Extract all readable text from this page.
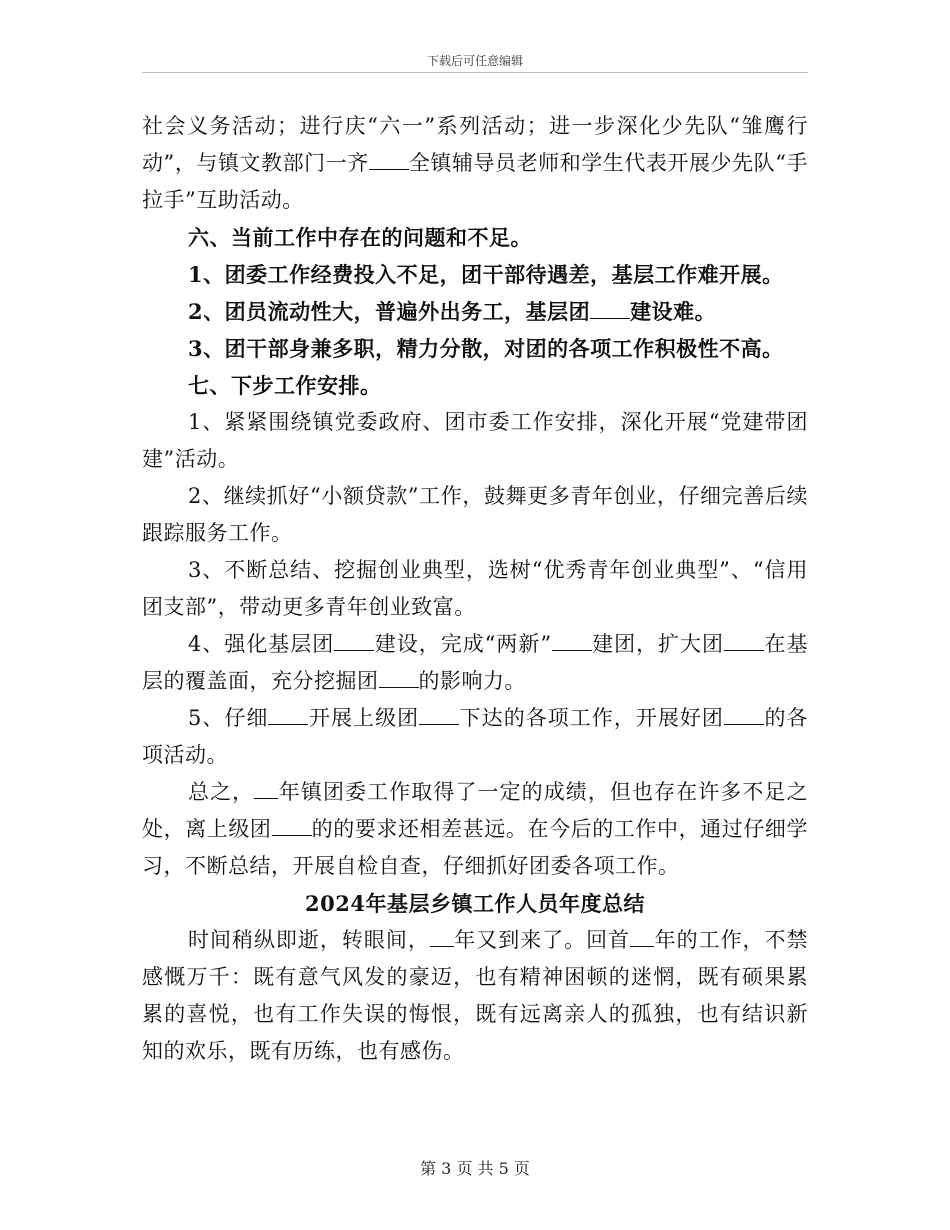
下载后可任意编辑

社会义务活动；进行庆“六一”系列活动；进一步深化少先队“雏鹰行动”，与镇文教部门一齐 全镇辅导员老师和学生代表开展少先队“手拉手”互助活动。

六、当前工作中存在的问题和不足。

1、团委工作经费投入不足，团干部待遇差，基层工作难开展。

2、团员流动性大，普遍外出务工，基层团 建设难。

3、团干部身兼多职，精力分散，对团的各项工作积极性不高。

七、下步工作安排。

1、紧紧围绕镇党委政府、团市委工作安排，深化开展“党建带团建”活动。

2、继续抓好“小额贷款”工作，鼓舞更多青年创业，仔细完善后续跟踪服务工作。

3、不断总结、挖掘创业典型，选树“优秀青年创业典型”、“信用团支部”，带动更多青年创业致富。

4、强化基层团 建设，完成“两新” 建团，扩大团 在基层的覆盖面，充分挖掘团 的影响力。

5、仔细 开展上级团 下达的各项工作，开展好团 的各项活动。

总之， 年镇团委工作取得了一定的成绩，但也存在许多不足之处，离上级团 的的要求还相差甚远。在今后的工作中，通过仔细学习，不断总结，开展自检自查，仔细抓好团委各项工作。

2024年基层乡镇工作人员年度总结

时间稍纵即逝，转眼间， 年又到来了。回首 年的工作，不禁感慨万千：既有意气风发的豪迈，也有精神困顿的迷惘，既有硕果累累的喜悦，也有工作失误的悔恨，既有远离亲人的孤独，也有结识新知的欢乐，既有历练，也有感伤。

第 3 页 共 5 页
